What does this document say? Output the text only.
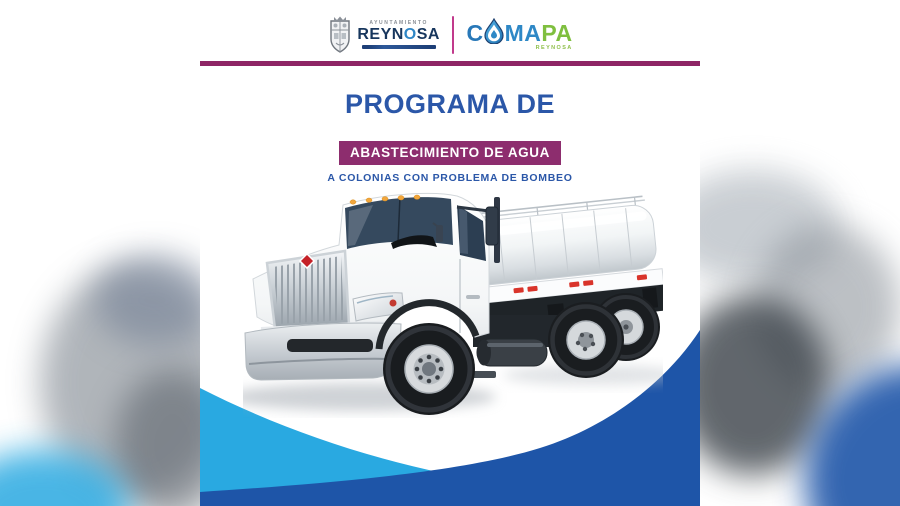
AYUNTAMIENTO
REYNOSA C MA PA
REYNOSA
PROGRAMA DE

ABASTECIMIENTO DE AGUA
A COLONIAS CON PROBLEMA DE BOMBEO
